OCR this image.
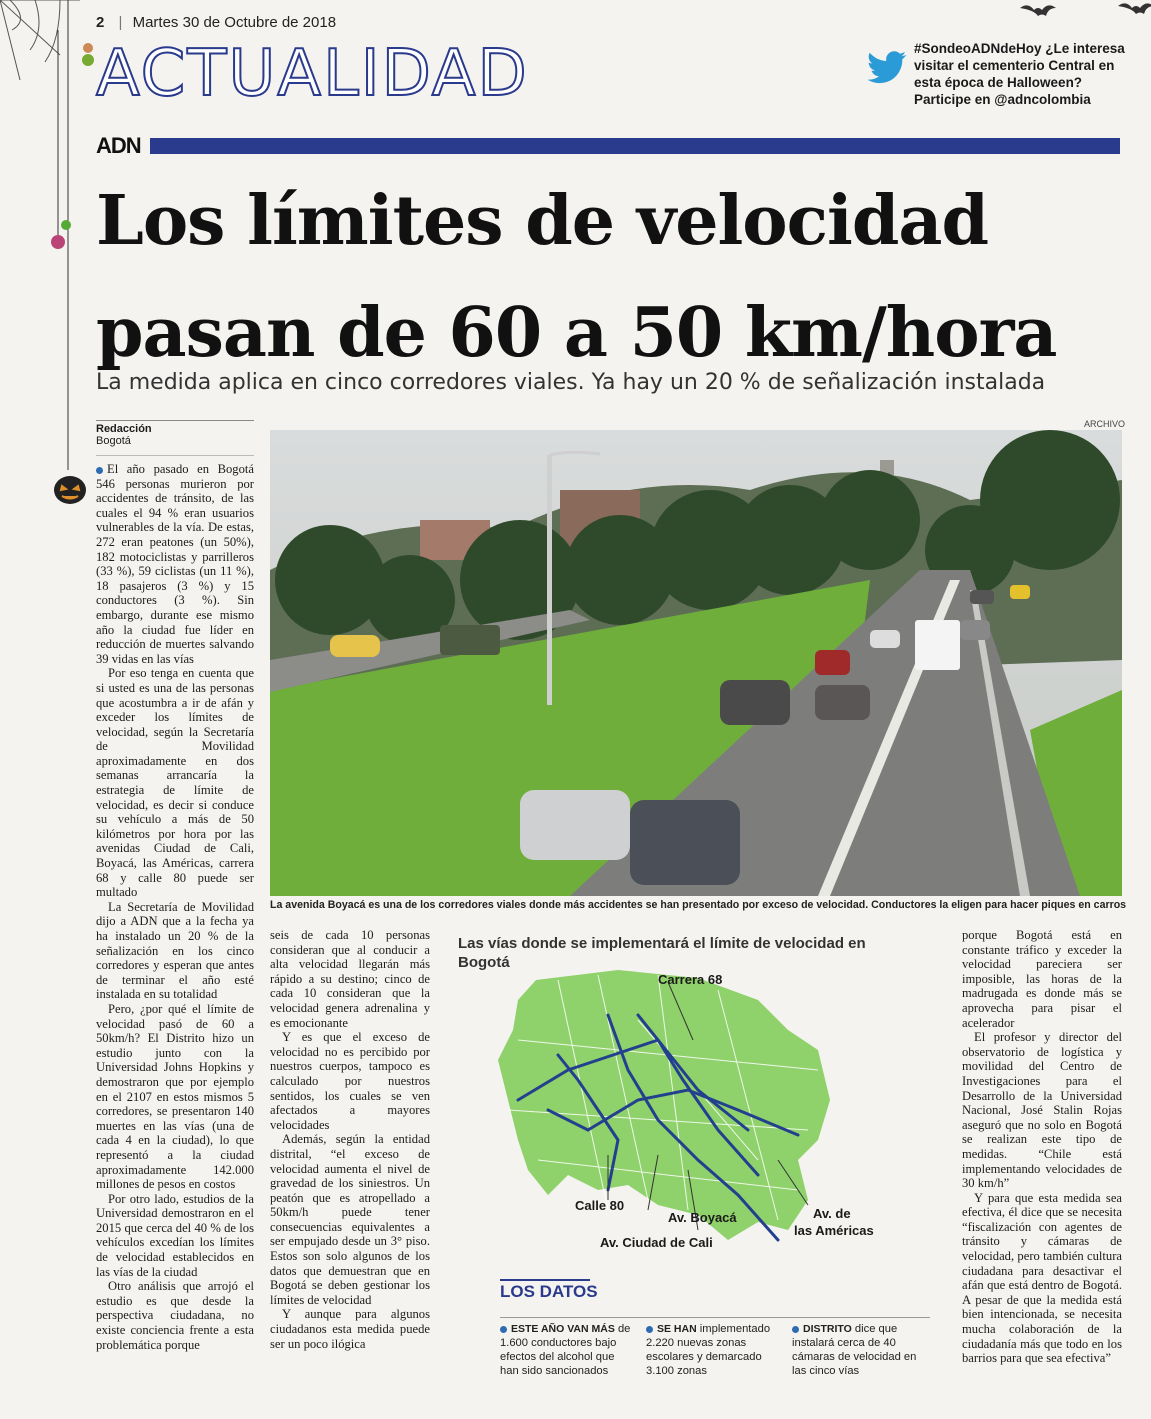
2 | Martes 30 de Octubre de 2018
ACTUALIDAD	#SondeoADNdeHoy ¿Le interesa visitar el cementerio Central en esta época de Halloween? Participe en @adncolombia
ADN
Los límites de velocidad
pasan de 60 a 50 km/hora
La medida aplica en cinco corredores viales. Ya hay un 20 % de señalización instalada
Redacción
Bogotá

El año pasado en Bogotá 546 personas murieron por accidentes de tránsito, de las cuales el 94 % eran usuarios vulnerables de la vía. De estas, 272 eran peatones (un 50%), 182 motociclistas y parrilleros (33 %), 59 ciclistas (un 11 %), 18 pasajeros (3 %) y 15 conductores (3 %). Sin embargo, durante ese mismo año la ciudad fue líder en reducción de muertes salvando 39 vidas en las vías

Por eso tenga en cuenta que si usted es una de las personas que acostumbra a ir de afán y exceder los límites de velocidad, según la Secretaría de Movilidad aproximadamente en dos semanas arrancaría la estrategia de límite de velocidad, es decir si conduce su vehículo a más de 50 kilómetros por hora por las avenidas Ciudad de Cali, Boyacá, las Américas, carrera 68 y calle 80 puede ser multado

La Secretaría de Movilidad dijo a ADN que a la fecha ya ha instalado un 20 % de la señalización en los cinco corredores y esperan que antes de terminar el año esté instalada en su totalidad

Pero, ¿por qué el límite de velocidad pasó de 60 a 50km/h? El Distrito hizo un estudio junto con la Universidad Johns Hopkins y demostraron que por ejemplo en el 2107 en estos mismos 5 corredores, se presentaron 140 muertes en las vías (una de cada 4 en la ciudad), lo que representó a la ciudad aproximadamente 142.000 millones de pesos en costos

Por otro lado, estudios de la Universidad demostraron en el 2015 que cerca del 40 % de los vehículos excedían los límites de velocidad establecidos en las vías de la ciudad

Otro análisis que arrojó el estudio es que desde la perspectiva ciudadana, no existe conciencia frente a esta problemática porque

ARCHIVO
La avenida Boyacá es una de los corredores viales donde más accidentes se han presentado por exceso de velocidad. Conductores la eligen para hacer piques en carros

seis de cada 10 personas consideran que al conducir a alta velocidad llegarán más rápido a su destino; cinco de cada 10 consideran que la velocidad genera adrenalina y es emocionante

Y es que el exceso de velocidad no es percibido por nuestros cuerpos, tampoco es calculado por nuestros sentidos, los cuales se ven afectados a mayores velocidades

Además, según la entidad distrital, “el exceso de velocidad aumenta el nivel de gravedad de los siniestros. Un peatón que es atropellado a 50km/h puede tener consecuencias equivalentes a ser empujado desde un 3° piso. Estos son solo algunos de los datos que demuestran que en Bogotá se deben gestionar los límites de velocidad

Y aunque para algunos ciudadanos esta medida puede ser un poco ilógica

Las vías donde se implementará el límite de velocidad en Bogotá
Carrera 68
Calle 80
Av. Boyacá
Av. Ciudad de Cali
Av. de
las Américas
LOS DATOS
ESTE AÑO VAN MÁS de 1.600 conductores bajo efectos del alcohol que han sido sancionados
SE HAN implementado 2.220 nuevas zonas escolares y demarcado 3.100 zonas
DISTRITO dice que instalará cerca de 40 cámaras de velocidad en las cinco vías

porque Bogotá está en constante tráfico y exceder la velocidad pareciera ser imposible, las horas de la madrugada es donde más se aprovecha para pisar el acelerador

El profesor y director del observatorio de logística y movilidad del Centro de Investigaciones para el Desarrollo de la Universidad Nacional, José Stalin Rojas aseguró que no solo en Bogotá se realizan este tipo de medidas. “Chile está implementando velocidades de 30 km/h”

Y para que esta medida sea efectiva, él dice que se necesita “fiscalización con agentes de tránsito y cámaras de velocidad, pero también cultura ciudadana para desactivar el afán que está dentro de Bogotá. A pesar de que la medida está bien intencionada, se necesita mucha colaboración de la ciudadanía más que todo en los barrios para que sea efectiva”
